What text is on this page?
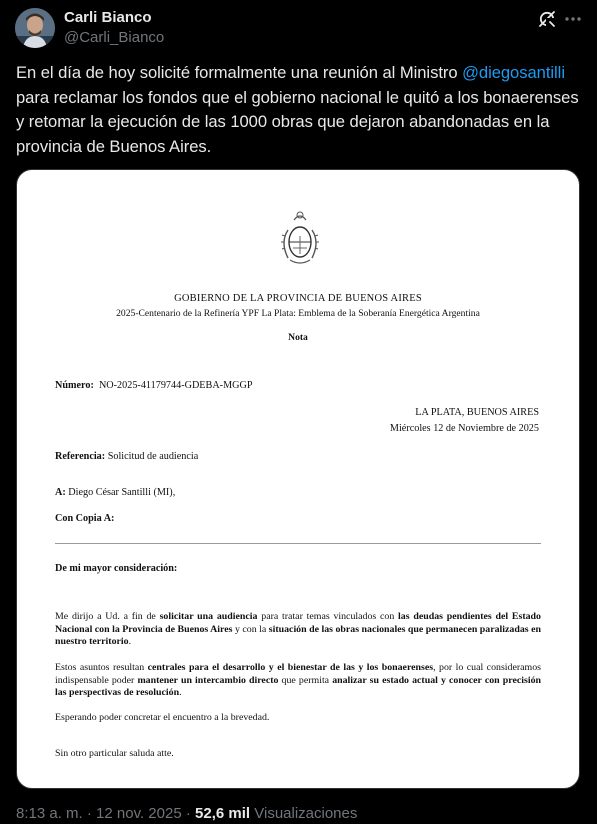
Carli Bianco
@Carli_Bianco
En el día de hoy solicité formalmente una reunión al Ministro @diegosantilli para reclamar los fondos que el gobierno nacional le quitó a los bonaerenses y retomar la ejecución de las 1000 obras que dejaron abandonadas en la provincia de Buenos Aires.
GOBIERNO DE LA PROVINCIA DE BUENOS AIRES
2025-Centenario de la Refinería YPF La Plata: Emblema de la Soberanía Energética Argentina
Nota
Número: NO-2025-41179744-GDEBA-MGGP
LA PLATA, BUENOS AIRES
Miércoles 12 de Noviembre de 2025
Referencia: Solicitud de audiencia
A: Diego César Santilli (MI),
Con Copia A:
De mi mayor consideración:
Me dirijo a Ud. a fin de solicitar una audiencia para tratar temas vinculados con las deudas pendientes del Estado Nacional con la Provincia de Buenos Aires y con la situación de las obras nacionales que permanecen paralizadas en nuestro territorio.
Estos asuntos resultan centrales para el desarrollo y el bienestar de las y los bonaerenses, por lo cual consideramos indispensable poder mantener un intercambio directo que permita analizar su estado actual y conocer con precisión las perspectivas de resolución.
Esperando poder concretar el encuentro a la brevedad.
Sin otro particular saluda atte.
8:13 a. m. · 12 nov. 2025 · 52,6 mil Visualizaciones
